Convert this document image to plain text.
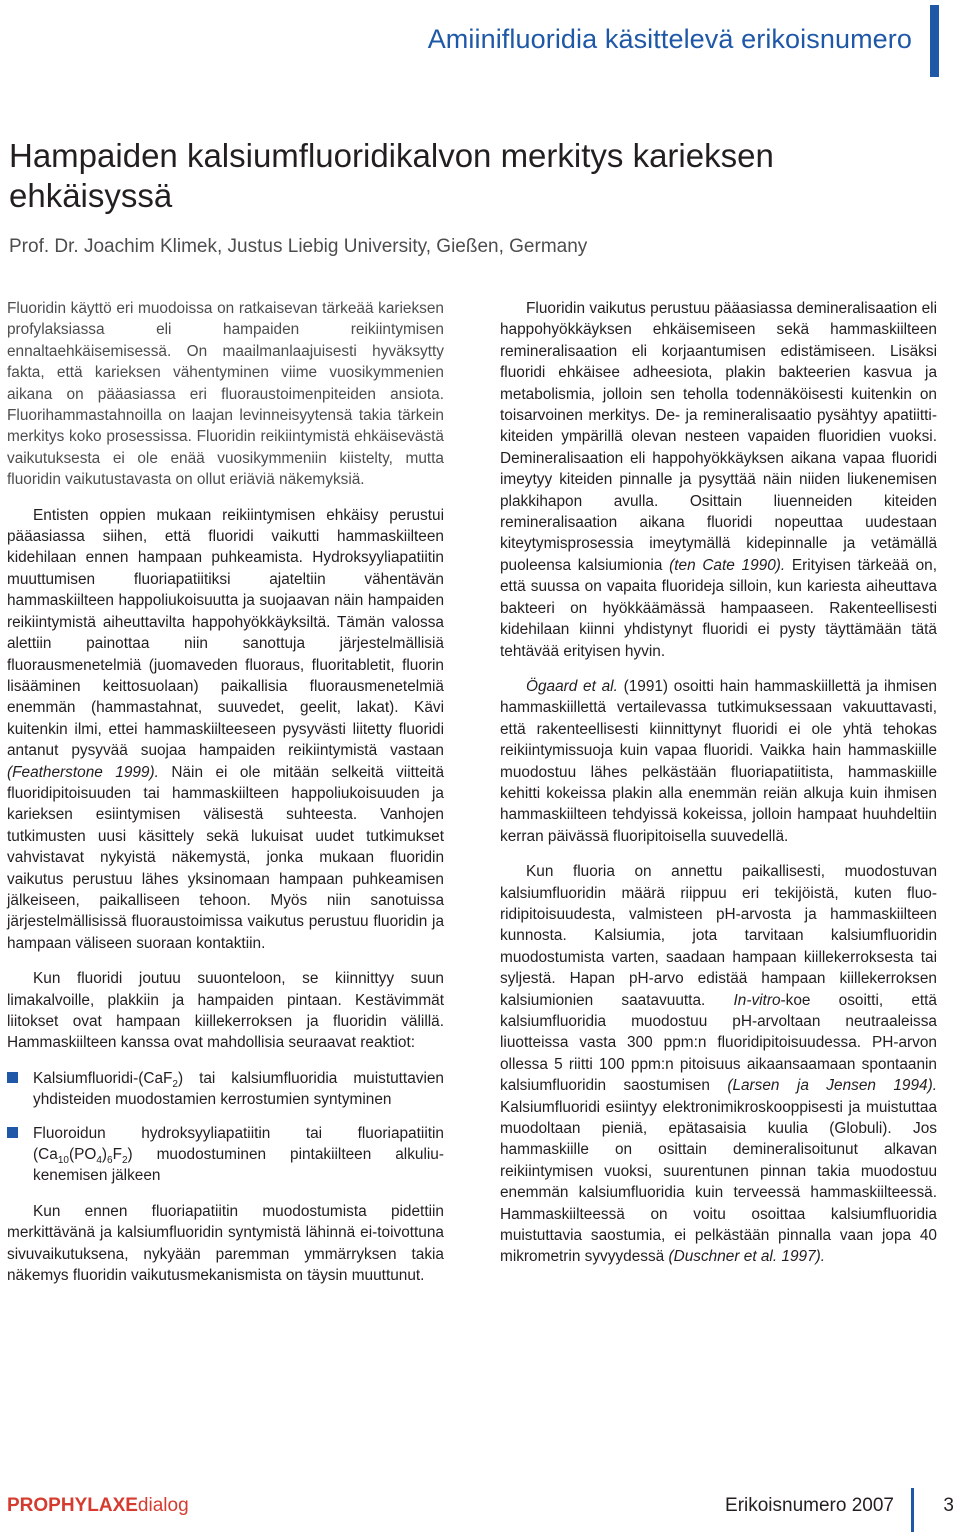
Amiinifluoridia käsittelevä erikoisnumero
Hampaiden kalsiumfluoridikalvon merkitys karieksen ehkäisyssä

Prof. Dr. Joachim Klimek, Justus Liebig University, Gießen, Germany

Fluoridin käyttö eri muodoissa on ratkaisevan tärkeää karieksen profylaksiassa eli hampaiden reikiintymisen ennaltaehkäisemisessä. On maailmanlaajuisesti hyväksytty fakta, että karieksen vähentyminen viime vuosikymmenien aikana on pääasiassa eri fluoraustoimenpiteiden ansiota. Fluorihammastahnoilla on laajan levinneisyytensä takia tärkein merkitys koko prosessissa. Fluoridin reikiintymistä ehkäisevästä vaikutuksesta ei ole enää vuosikymmeniin kiistelty, mutta fluoridin vaikutustavasta on ollut eriäviä näkemyksiä.

Entisten oppien mukaan reikiintymisen ehkäisy perustui pääasiassa siihen, että fluoridi vaikutti hammaskiilteen kidehilaan ennen hampaan puhkeamista. Hydroksyyliapatiitin muuttumisen fluoriapatiitiksi ajateltiin vähentävän hammaskiilteen happoliukoisuutta ja suojaavan näin hampaiden reikiintymistä aiheuttavilta happohyökkäyksiltä. Tämän valossa alettiin painottaa niin sanottuja järjestelmällisiä fluorausmenetelmiä (juomaveden fluoraus, fluoritabletit, fluorin lisääminen keittosuolaan) paikallisia fluorausmenetelmiä enemmän (hammastahnat, suuvedet, geelit, lakat). Kävi kuitenkin ilmi, ettei hammaskiilteeseen pysyvästi liitetty fluoridi antanut pysyvää suojaa hampaiden reikiintymistä vastaan (Featherstone 1999). Näin ei ole mitään selkeitä viitteitä fluoridipitoisuuden tai hammaskiilteen happoliukoisuuden ja karieksen esiintymisen välisestä suhteesta. Vanhojen tutkimusten uusi käsittely sekä lukuisat uudet tutkimukset vahvistavat nykyistä näkemystä, jonka mukaan fluoridin vaikutus perustuu lähes yksinomaan hampaan puhkeamisen jälkeiseen, paikalliseen tehoon. Myös niin sanotuissa järjestelmällisissä fluoraustoimissa vaikutus perustuu fluoridin ja hampaan väliseen suoraan kontaktiin.

Kun fluoridi joutuu suuonteloon, se kiinnittyy suun limakalvoille, plakkiin ja hampaiden pintaan. Kestävimmät liitokset ovat hampaan kiillekerroksen ja fluoridin välillä. Hammaskiilteen kanssa ovat mahdollisia seuraavat reaktiot:

Kalsiumfluoridi-(CaF$_2$) tai kalsiumfluoridia muistuttavien yhdisteiden muodostamien kerrostumien syntyminen
Fluoroidun hydroksyyliapatiitin tai fluoriapatiitin $(Ca_{10}(PO_4)_6F_2)$ muodostuminen pintakiilteen alkuliukenemisen jälkeen

Kun ennen fluoriapatiitin muodostumista pidettiin merkittävänä ja kalsiumfluoridin syntymistä lähinnä ei-toivottuna sivuvaikutuksena, nykyään paremman ymmärryksen takia näkemys fluoridin vaikutusmekanismista on täysin muuttunut.

Fluoridin vaikutus perustuu pääasiassa demineralisaation eli happohyökkäyksen ehkäisemiseen sekä hammaskiilteen remineralisaation eli korjaantumisen edistämiseen. Lisäksi fluoridi ehkäisee adheesiota, plakin bakteerien kasvua ja metabolismia, jolloin sen teholla todennäköisesti kuitenkin on toisarvoinen merkitys. De- ja remineralisaatio pysähtyy apatiittikiteiden ympärillä olevan nesteen vapaiden fluoridien vuoksi. Demineralisaation eli happohyökkäyksen aikana vapaa fluoridi imeytyy kiteiden pinnalle ja pysyttää näin niiden liukenemisen plakkihapon avulla. Osittain liuenneiden kiteiden remineralisaation aikana fluoridi nopeuttaa uudestaan kiteytymisprosessia imeytymällä kidepinnalle ja vetämällä puoleensa kalsiumionia (ten Cate 1990). Erityisen tärkeää on, että suussa on vapaita fluorideja silloin, kun kariesta aiheuttava bakteeri on hyökkäämässä hampaaseen. Rakenteellisesti kidehilaan kiinni yhdistynyt fluoridi ei pysty täyttämään tätä tehtävää erityisen hyvin.

Ögaard et al. (1991) osoitti hain hammaskiillettä ja ihmisen hammaskiillettä vertailevassa tutkimuksessaan vakuuttavasti, että rakenteellisesti kiinnittynyt fluoridi ei ole yhtä tehokas reikiintymissuoja kuin vapaa fluoridi. Vaikka hain hammaskiille muodostuu lähes pelkästään fluoriapatiitista, hammaskiille kehitti kokeissa plakin alla enemmän reiän alkuja kuin ihmisen hammaskiilteen tehdyissä kokeissa, jolloin hampaat huuhdeltiin kerran päivässä fluoripitoisella suuvedellä.

Kun fluoria on annettu paikallisesti, muodostuvan kalsiumfluoridin määrä riippuu eri tekijöistä, kuten fluoridipitoisuudesta, valmisteen pH-arvosta ja hammaskiilteen kunnosta. Kalsiumia, jota tarvitaan kalsiumfluoridin muodostumista varten, saadaan hampaan kiillekerroksesta tai syljestä. Hapan pH-arvo edistää hampaan kiillekerroksen kalsiumionien saatavuutta. In-vitro-koe osoitti, että kalsiumfluoridia muodostuu pH-arvoltaan neutraaleissa liuotteissa vasta 300 ppm:n fluoridipitoisuudessa. PH-arvon ollessa 5 riitti 100 ppm:n pitoisuus aikaansaamaan spontaanin kalsiumfluoridin saostumisen (Larsen ja Jensen 1994). Kalsiumfluoridi esiintyy elektronimikroskooppisesti ja muistuttaa muodoltaan pieniä, epätasaisia kuulia (Globuli). Jos hammaskiille on osittain demineralisoitunut alkavan reikiintymisen vuoksi, suurentunen pinnan takia muodostuu enemmän kalsiumfluoridia kuin terveessä hammaskiilteessä. Hammaskiilteessä on voitu osoittaa kalsiumfluoridia muistuttavia saostumia, ei pelkästään pinnalla vaan jopa 40 mikrometrin syvyydessä (Duschner et al. 1997).

PROPHYLAXEdialog	Erikoisnumero 2007	3
